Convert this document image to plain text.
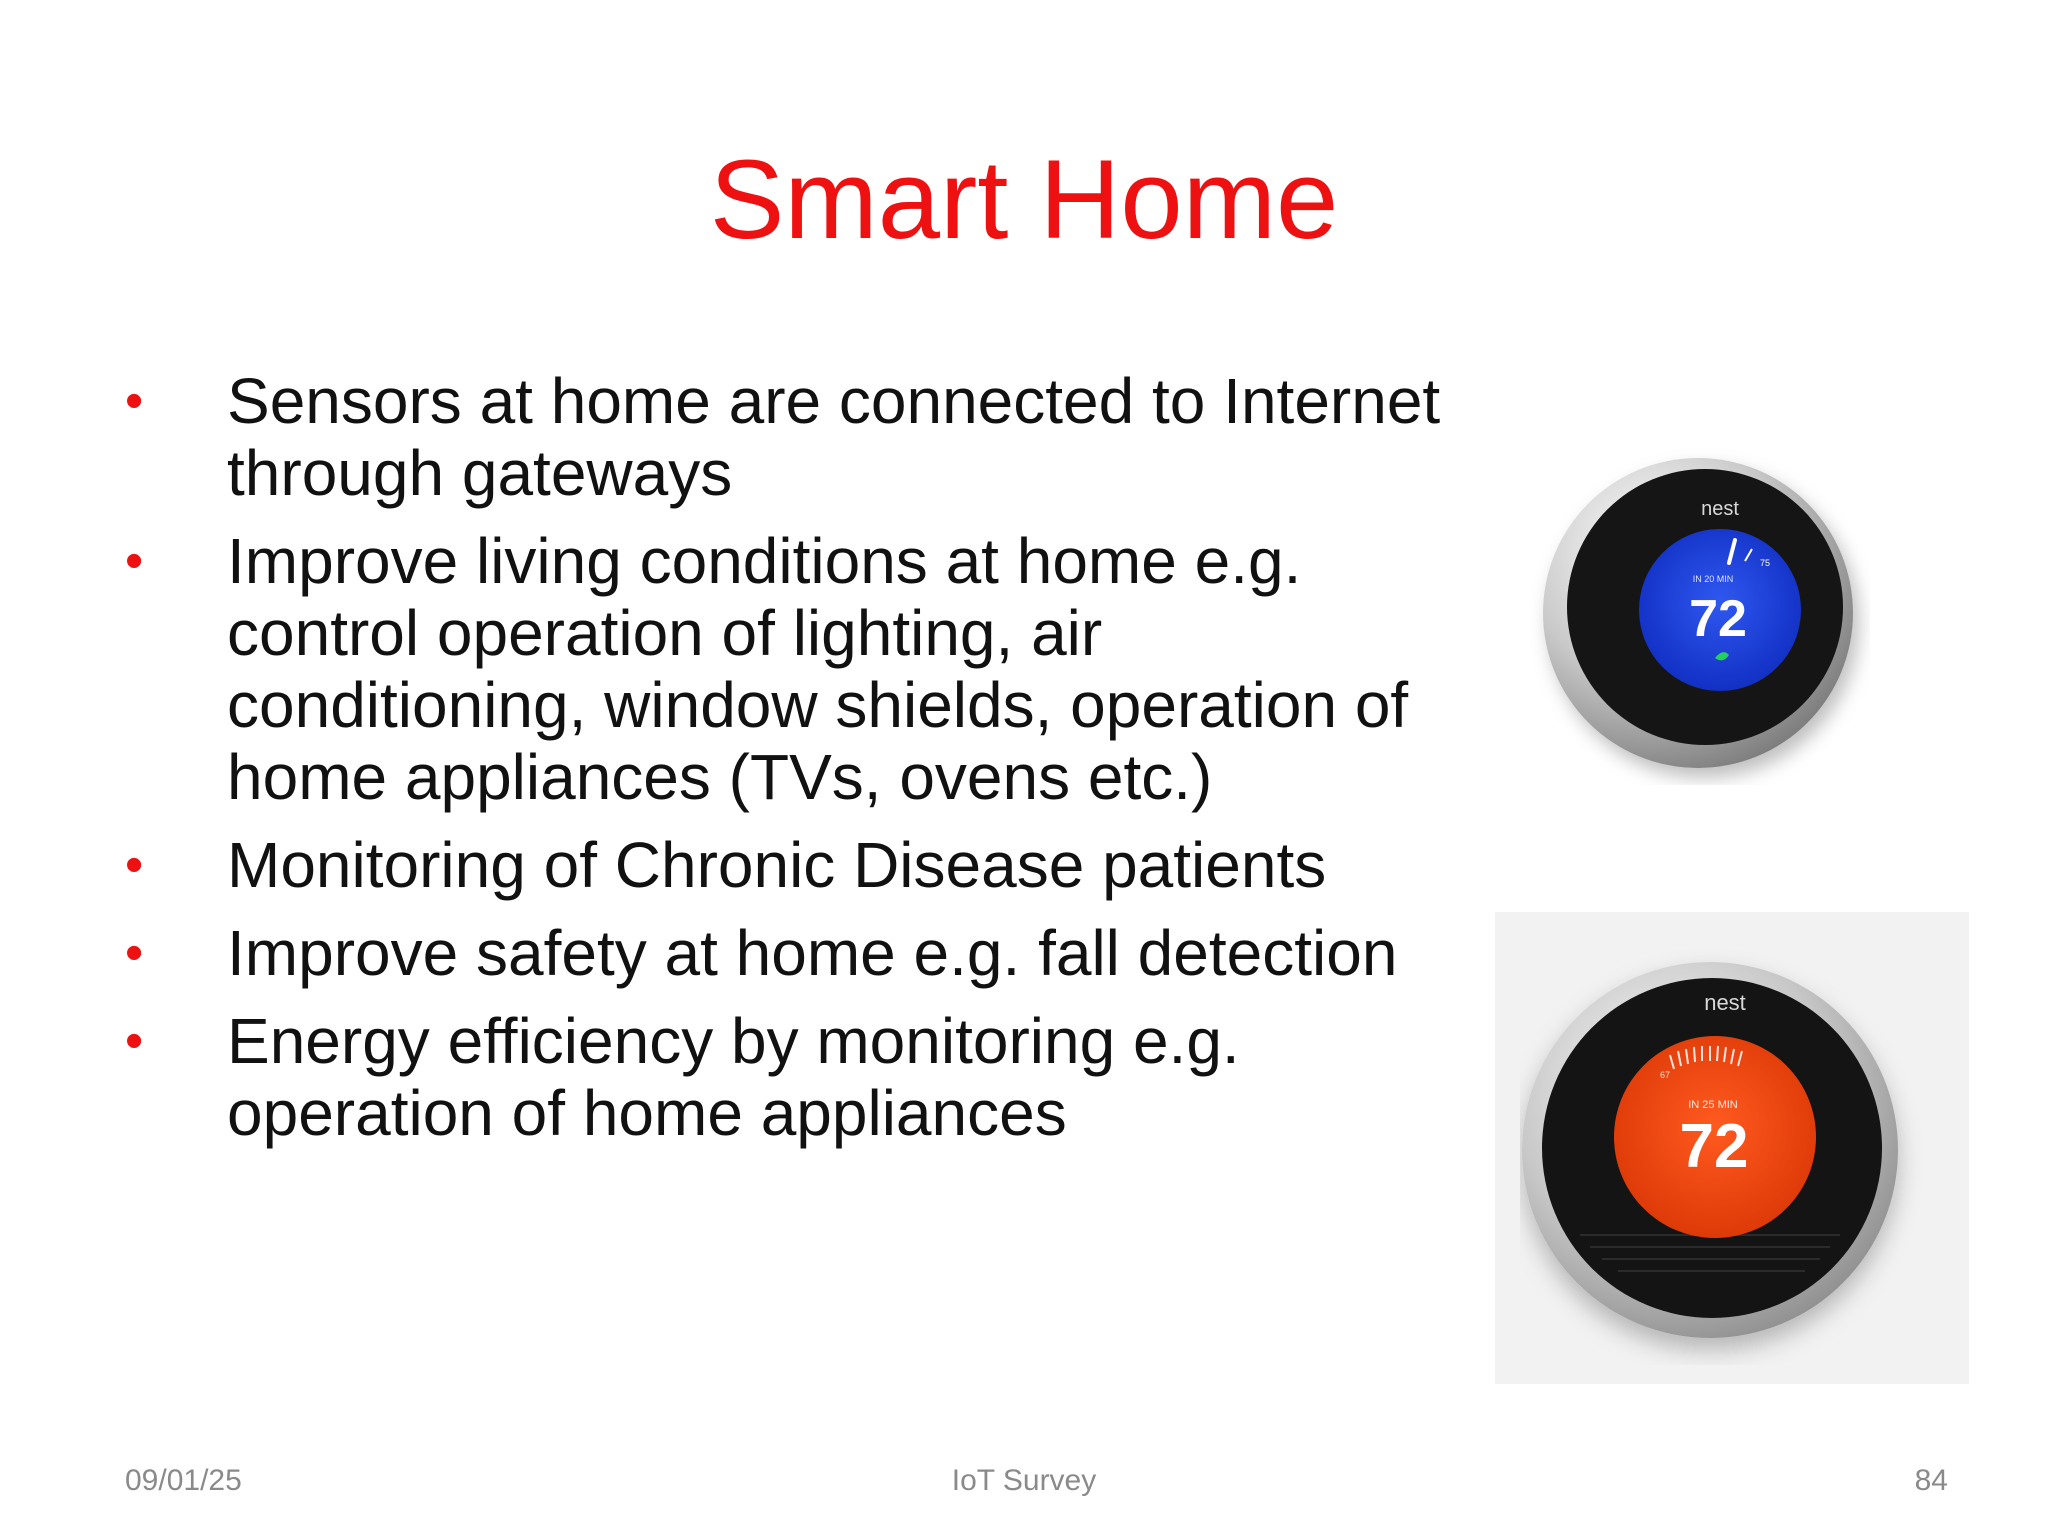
Smart Home
• Sensors at home are connected to Internet through gateways
• Improve living conditions at home e.g. control operation of lighting, air conditioning, window shields, operation of home appliances (TVs, ovens etc.)
• Monitoring of Chronic Disease patients
• Improve safety at home e.g. fall detection
• Energy efficiency by monitoring e.g. operation of home appliances
75
nest
IN 20 MIN
72
67
nest
IN 25 MIN
72
09/01/25	IoT Survey	84
